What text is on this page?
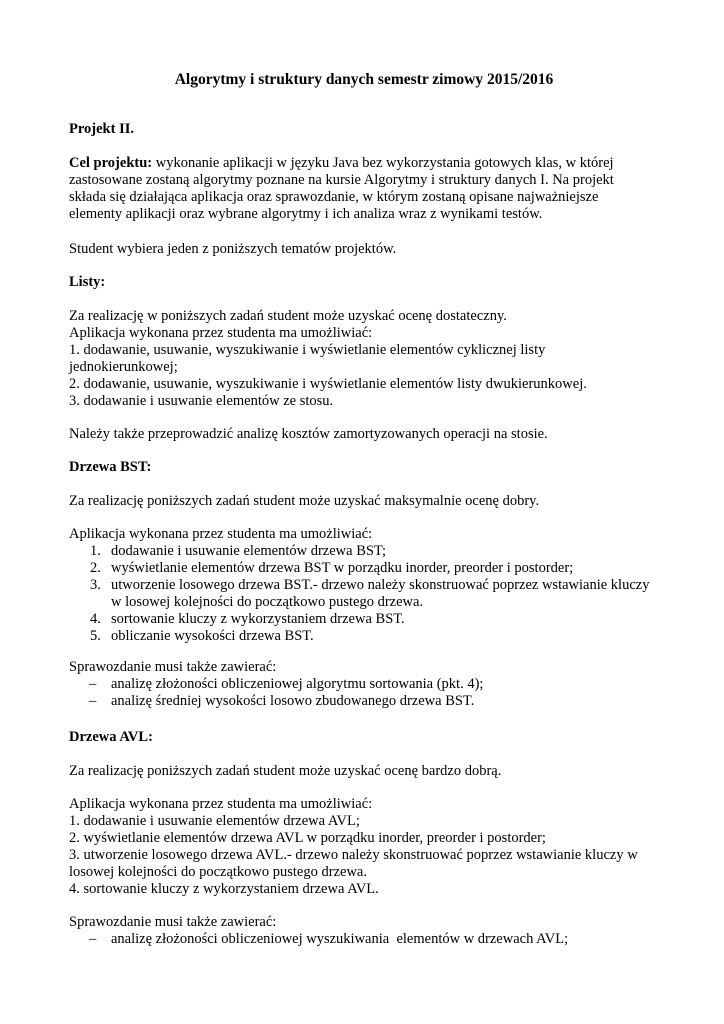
Algorytmy i struktury danych semestr zimowy 2015/2016
Projekt II.
Cel projektu: wykonanie aplikacji w języku Java bez wykorzystania gotowych klas, w której
zastosowane zostaną algorytmy poznane na kursie Algorytmy i struktury danych I. Na projekt
składa się działająca aplikacja oraz sprawozdanie, w którym zostaną opisane najważniejsze
elementy aplikacji oraz wybrane algorytmy i ich analiza wraz z wynikami testów.
Student wybiera jeden z poniższych tematów projektów.
Listy:
Za realizację w poniższych zadań student może uzyskać ocenę dostateczny.
Aplikacja wykonana przez studenta ma umożliwiać:
1. dodawanie, usuwanie, wyszukiwanie i wyświetlanie elementów cyklicznej listy
jednokierunkowej;
2. dodawanie, usuwanie, wyszukiwanie i wyświetlanie elementów listy dwukierunkowej.
3. dodawanie i usuwanie elementów ze stosu.
Należy także przeprowadzić analizę kosztów zamortyzowanych operacji na stosie.
Drzewa BST:
Za realizację poniższych zadań student może uzyskać maksymalnie ocenę dobry.
Aplikacja wykonana przez studenta ma umożliwiać:
1. dodawanie i usuwanie elementów drzewa BST;
2. wyświetlanie elementów drzewa BST w porządku inorder, preorder i postorder;
3. utworzenie losowego drzewa BST.- drzewo należy skonstruować poprzez wstawianie kluczy
w losowej kolejności do początkowo pustego drzewa.
4. sortowanie kluczy z wykorzystaniem drzewa BST.
5. obliczanie wysokości drzewa BST.
Sprawozdanie musi także zawierać:
– analizę złożoności obliczeniowej algorytmu sortowania (pkt. 4);
– analizę średniej wysokości losowo zbudowanego drzewa BST.
Drzewa AVL:
Za realizację poniższych zadań student może uzyskać ocenę bardzo dobrą.
Aplikacja wykonana przez studenta ma umożliwiać:
1. dodawanie i usuwanie elementów drzewa AVL;
2. wyświetlanie elementów drzewa AVL w porządku inorder, preorder i postorder;
3. utworzenie losowego drzewa AVL.- drzewo należy skonstruować poprzez wstawianie kluczy w
losowej kolejności do początkowo pustego drzewa.
4. sortowanie kluczy z wykorzystaniem drzewa AVL.
Sprawozdanie musi także zawierać:
– analizę złożoności obliczeniowej wyszukiwania  elementów w drzewach AVL;
